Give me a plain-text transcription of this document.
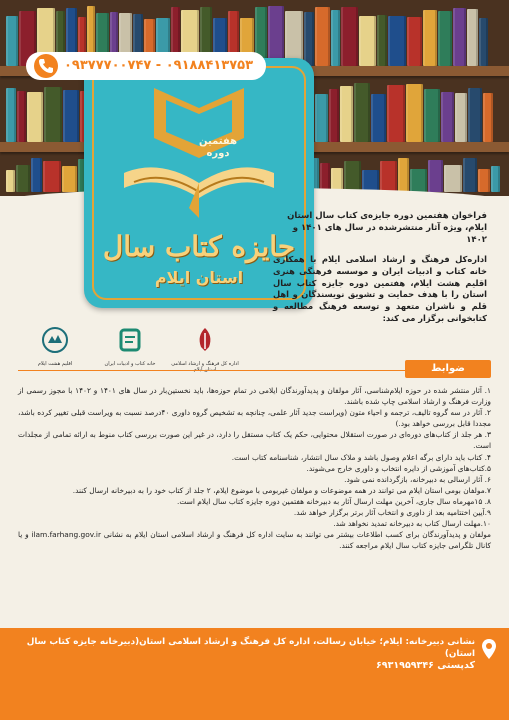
هفتمین
دوره
جایزه کتاب سال
استان ایلام
فراخوان هفتمین دوره جایزه‌ی کتاب سال استان ایلام، ویژه آثار منتشرشده در سال های ۱۴۰۱ و ۱۴۰۲
اداره‌کل فرهنگ و ارشاد اسلامی ایلام با همکاری خانه کتاب و ادبیات ایران و موسسه فرهنگی هنری اقلیم هشت ایلام، هفتمین دوره جایزه کتاب سال استان را با هدف حمایت و تشویق نویسندگان و اهل قلم و ناشران متعهد و توسعه فرهنگ مطالعه و کتابخوانی برگزار می کند:
اداره کل فرهنگ و ارشاد اسلامی
خانه کتاب و ادبیات ایران
اقلیم هشت ایلام	ضوابط
۱. آثار منتشر شده در حوزه ایلام‌شناسی، آثار مولفان و پدیدآورندگان ایلامی در تمام حوزه‌ها، باید نخستین‌بار در سال های ۱۴۰۱ و ۱۴۰۲ با مجوز رسمی از وزارت فرهنگ و ارشاد اسلامی چاپ شده باشند.
۲. آثار در سه گروه تالیف، ترجمه و احیاء متون (ویراست جدید آثار علمی، چنانچه به تشخیص گروه داوری ۴۰درصد نسبت به ویراست قبلی تغییر کرده باشد، مجددا قابل بررسی خواهد بود.)
۳. هر جلد از کتاب‌های دوره‌ای در صورت استقلال محتوایی، حکم یک کتاب مستقل را دارد، در غیر این صورت بررسی کتاب منوط به ارائه تمامی از مجلدات است.
۴. کتاب باید دارای برگه اعلام وصول باشد و ملاک سال انتشار، شناسنامه کتاب است.
۵.کتاب‌های آموزشی از دایره انتخاب و داوری خارج می‌شوند.
۶. آثار ارسالی به دبیرخانه، بازگردانده نمی شود.
۷.مولفان بومی استان ایلام می توانند در همه موضوعات و مولفان غیربومی با موضوع ایلام، ۲ جلد از کتاب خود را به دبیرخانه ارسال کنند.
۸. ۱۵مهرماه سال جاری، آخرین مهلت ارسال آثار به دبیرخانه هفتمین دوره جایزه کتاب سال ایلام است.
۹.آیین اختتامیه بعد از داوری و انتخاب آثار برتر برگزار خواهد شد.
۱۰.مهلت ارسال کتاب به دبیرخانه تمدید نخواهد شد.
مولفان و پدیدآورندگان برای کسب اطلاعات بیشتر می توانند به سایت اداره کل فرهنگ و ارشاد اسلامی استان ایلام به نشانی ilam.farhang.gov.ir و یا کانال تلگرامی جایزه کتاب سال ایلام مراجعه کنند.
نشانی دبیرخانه: ایلام؛ خیابان رسالت، اداره کل فرهنگ و ارشاد اسلامی استان(دبیرخانه جایزه کتاب سال استان)
کدپستی ۶۹۳۱۹۵۹۳۴۶
۰۹۳۷۷۷۰۰۷۴۷ - ۰۹۱۸۸۴۱۳۷۵۳
